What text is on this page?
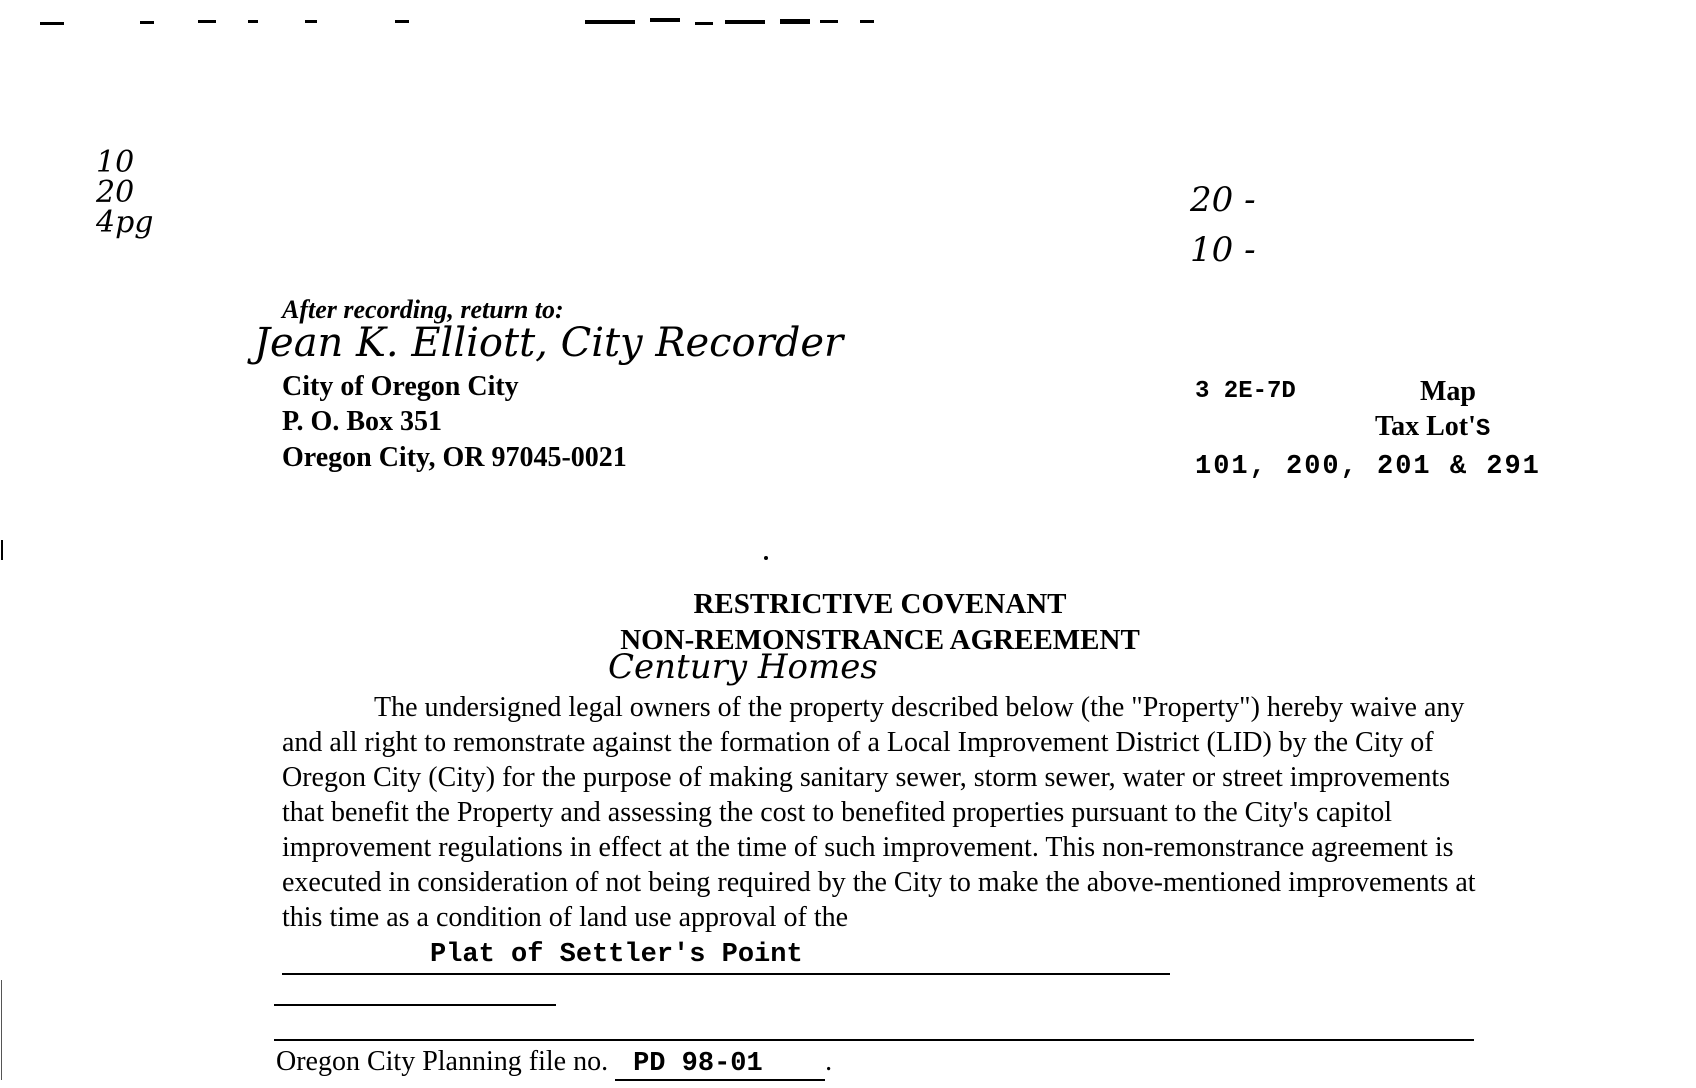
10 20 4pg
20 -
10 -
After recording, return to:
Jean K. Elliott, City Recorder
City of Oregon City
P. O. Box 351
Oregon City, OR 97045-0021
3 2E-7D	Map
Tax Lot'S
101, 200, 201 & 291
RESTRICTIVE COVENANT
NON-REMONSTRANCE AGREEMENT
Century Homes
The undersigned legal owners of the property described below (the "Property") hereby waive any and all right to remonstrate against the formation of a Local Improvement District (LID) by the City of Oregon City (City) for the purpose of making sanitary sewer, storm sewer, water or street improvements that benefit the Property and assessing the cost to benefited properties pursuant to the City's capitol improvement regulations in effect at the time of such improvement. This non-remonstrance agreement is executed in consideration of not being required by the City to make the above-mentioned improvements at this time as a condition of land use approval of the Plat of Settler's Point
Oregon City Planning file no. PD 98-01 .
